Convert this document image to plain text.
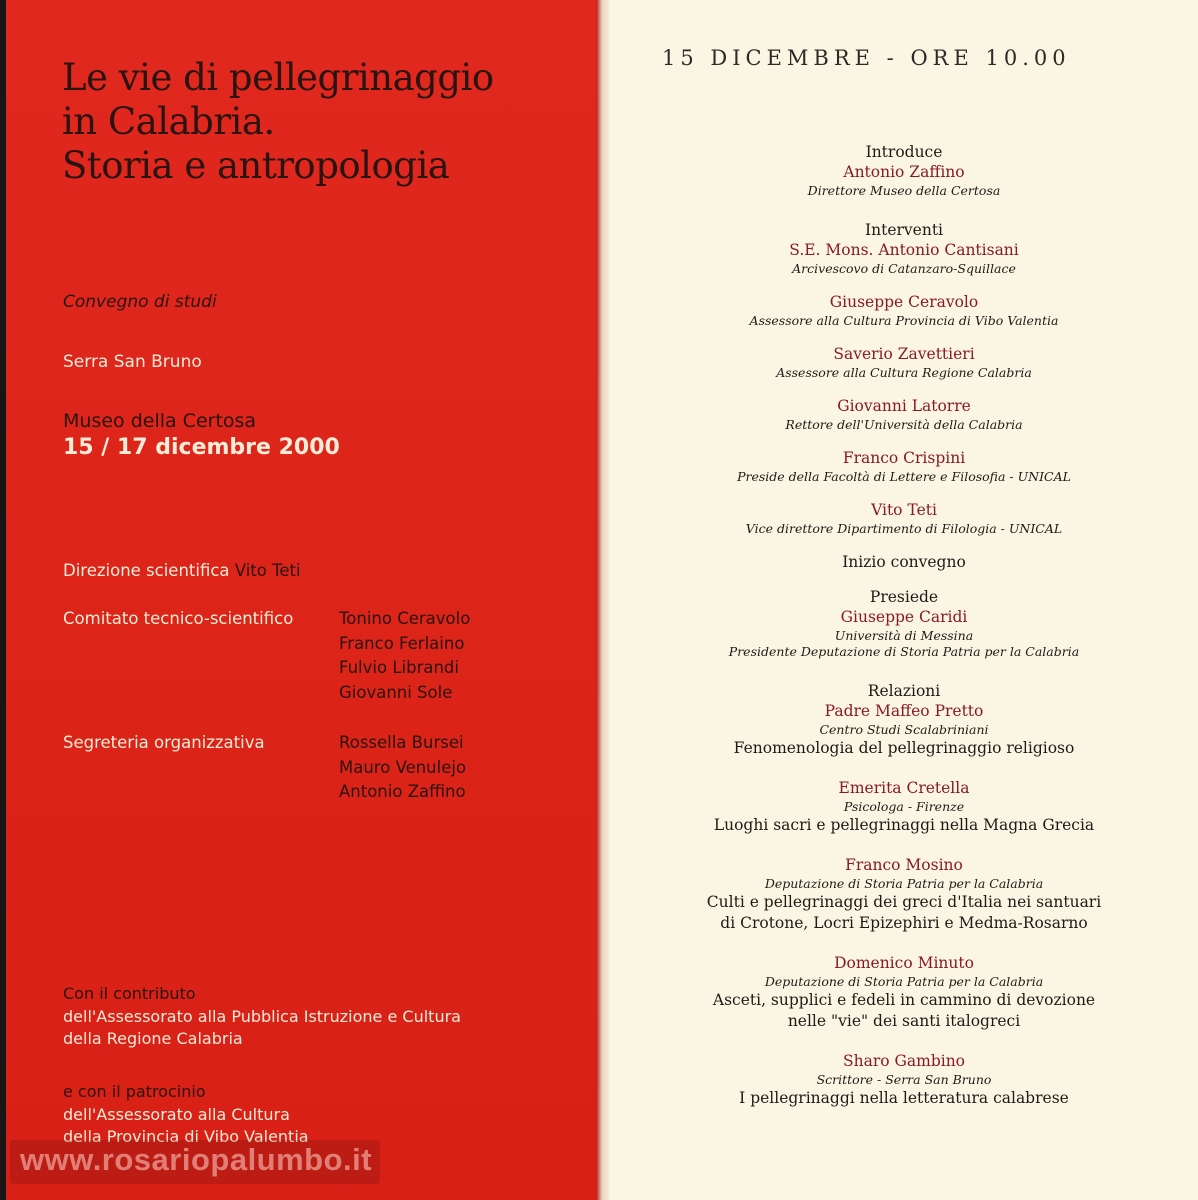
Le vie di pellegrinaggio
in Calabria.
Storia e antropologia
Convegno di studi
Serra San Bruno
Museo della Certosa
15 / 17 dicembre 2000
Direzione scientifica Vito Teti
Comitato tecnico-scientifico	Tonino Ceravolo
Franco Ferlaino
Fulvio Librandi
Giovanni Sole
Segreteria organizzativa	Rossella Bursei
Mauro Venulejo
Antonio Zaffino
Con il contributo
dell'Assessorato alla Pubblica Istruzione e Cultura
della Regione Calabria
e con il patrocinio
dell'Assessorato alla Cultura
della Provincia di Vibo Valentia
www.rosariopalumbo.it
15 DICEMBRE - ORE 10.00
Introduce
Antonio Zaffino
Direttore Museo della Certosa
Interventi
S.E. Mons. Antonio Cantisani
Arcivescovo di Catanzaro-Squillace
Giuseppe Ceravolo
Assessore alla Cultura Provincia di Vibo Valentia
Saverio Zavettieri
Assessore alla Cultura Regione Calabria
Giovanni Latorre
Rettore dell'Università della Calabria
Franco Crispini
Preside della Facoltà di Lettere e Filosofia - UNICAL
Vito Teti
Vice direttore Dipartimento di Filologia - UNICAL
Inizio convegno
Presiede
Giuseppe Caridi
Università di Messina
Presidente Deputazione di Storia Patria per la Calabria
Relazioni
Padre Maffeo Pretto
Centro Studi Scalabriniani
Fenomenologia del pellegrinaggio religioso
Emerita Cretella
Psicologa - Firenze
Luoghi sacri e pellegrinaggi nella Magna Grecia
Franco Mosino
Deputazione di Storia Patria per la Calabria
Culti e pellegrinaggi dei greci d'Italia nei santuari
di Crotone, Locri Epizephiri e Medma-Rosarno
Domenico Minuto
Deputazione di Storia Patria per la Calabria
Asceti, supplici e fedeli in cammino di devozione
nelle "vie" dei santi italogreci
Sharo Gambino
Scrittore - Serra San Bruno
I pellegrinaggi nella letteratura calabrese
